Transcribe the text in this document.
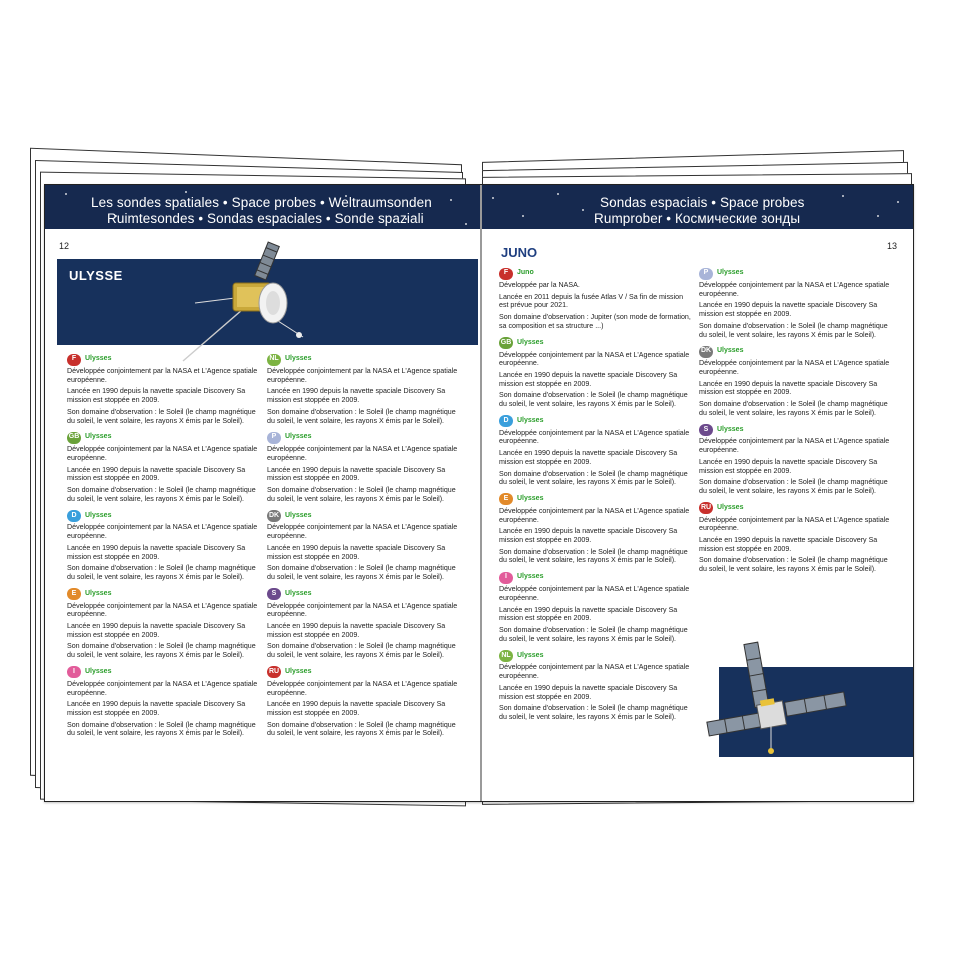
Les sondes spatiales • Space probes • Weltraumsonden
Ruimtesondes • Sondas espaciales • Sonde spaziali
Sondas espaciais • Space probes
Rumprober • Космические зонды
12	13
ULYSSE
F	Ulysses
Développée conjointement par la NASA et L'Agence spatiale européenne.
Lancée en 1990 depuis la navette spaciale Discovery Sa mission est stoppée en 2009.
Son domaine d'observation : le Soleil (le champ magnétique du soleil, le vent solaire, les rayons X émis par le Soleil).
GB Ulysses
Développée conjointement par la NASA et L'Agence spatiale européenne.
Lancée en 1990 depuis la navette spaciale Discovery Sa mission est stoppée en 2009.
Son domaine d'observation : le Soleil (le champ magnétique du soleil, le vent solaire, les rayons X émis par le Soleil).
D	Ulysses
Développée conjointement par la NASA et L'Agence spatiale européenne.
Lancée en 1990 depuis la navette spaciale Discovery Sa mission est stoppée en 2009.
Son domaine d'observation : le Soleil (le champ magnétique du soleil, le vent solaire, les rayons X émis par le Soleil).
E	Ulysses
Développée conjointement par la NASA et L'Agence spatiale européenne.
Lancée en 1990 depuis la navette spaciale Discovery Sa mission est stoppée en 2009.
Son domaine d'observation : le Soleil (le champ magnétique du soleil, le vent solaire, les rayons X émis par le Soleil).
I	Ulysses
Développée conjointement par la NASA et L'Agence spatiale européenne.
Lancée en 1990 depuis la navette spaciale Discovery Sa mission est stoppée en 2009.
Son domaine d'observation : le Soleil (le champ magnétique du soleil, le vent solaire, les rayons X émis par le Soleil).
NL Ulysses
Développée conjointement par la NASA et L'Agence spatiale européenne.
Lancée en 1990 depuis la navette spaciale Discovery Sa mission est stoppée en 2009.
Son domaine d'observation : le Soleil (le champ magnétique du soleil, le vent solaire, les rayons X émis par le Soleil).
P	Ulysses
Développée conjointement par la NASA et L'Agence spatiale européenne.
Lancée en 1990 depuis la navette spaciale Discovery Sa mission est stoppée en 2009.
Son domaine d'observation : le Soleil (le champ magnétique du soleil, le vent solaire, les rayons X émis par le Soleil).
DK Ulysses
Développée conjointement par la NASA et L'Agence spatiale européenne.
Lancée en 1990 depuis la navette spaciale Discovery Sa mission est stoppée en 2009.
Son domaine d'observation : le Soleil (le champ magnétique du soleil, le vent solaire, les rayons X émis par le Soleil).
S	Ulysses
Développée conjointement par la NASA et L'Agence spatiale européenne.
Lancée en 1990 depuis la navette spaciale Discovery Sa mission est stoppée en 2009.
Son domaine d'observation : le Soleil (le champ magnétique du soleil, le vent solaire, les rayons X émis par le Soleil).
RU Ulysses
Développée conjointement par la NASA et L'Agence spatiale européenne.
Lancée en 1990 depuis la navette spaciale Discovery Sa mission est stoppée en 2009.
Son domaine d'observation : le Soleil (le champ magnétique du soleil, le vent solaire, les rayons X émis par le Soleil).
JUNO
F	Juno
Développée par la NASA.
Lancée en 2011 depuis la fusée Atlas V / Sa fin de mission est prévue pour 2021.
Son domaine d'observation : Jupiter (son mode de formation, sa composition et sa structure ...)
GB Ulysses
Développée conjointement par la NASA et L'Agence spatiale européenne.
Lancée en 1990 depuis la navette spaciale Discovery Sa mission est stoppée en 2009.
Son domaine d'observation : le Soleil (le champ magnétique du soleil, le vent solaire, les rayons X émis par le Soleil).
D	Ulysses
Développée conjointement par la NASA et L'Agence spatiale européenne.
Lancée en 1990 depuis la navette spaciale Discovery Sa mission est stoppée en 2009.
Son domaine d'observation : le Soleil (le champ magnétique du soleil, le vent solaire, les rayons X émis par le Soleil).
E	Ulysses
Développée conjointement par la NASA et L'Agence spatiale européenne.
Lancée en 1990 depuis la navette spaciale Discovery Sa mission est stoppée en 2009.
Son domaine d'observation : le Soleil (le champ magnétique du soleil, le vent solaire, les rayons X émis par le Soleil).
I	Ulysses
Développée conjointement par la NASA et L'Agence spatiale européenne.
Lancée en 1990 depuis la navette spaciale Discovery Sa mission est stoppée en 2009.
Son domaine d'observation : le Soleil (le champ magnétique du soleil, le vent solaire, les rayons X émis par le Soleil).
NL Ulysses
Développée conjointement par la NASA et L'Agence spatiale européenne.
Lancée en 1990 depuis la navette spaciale Discovery Sa mission est stoppée en 2009.
Son domaine d'observation : le Soleil (le champ magnétique du soleil, le vent solaire, les rayons X émis par le Soleil).
P	Ulysses
Développée conjointement par la NASA et L'Agence spatiale européenne.
Lancée en 1990 depuis la navette spaciale Discovery Sa mission est stoppée en 2009.
Son domaine d'observation : le Soleil (le champ magnétique du soleil, le vent solaire, les rayons X émis par le Soleil).
DK Ulysses
Développée conjointement par la NASA et L'Agence spatiale européenne.
Lancée en 1990 depuis la navette spaciale Discovery Sa mission est stoppée en 2009.
Son domaine d'observation : le Soleil (le champ magnétique du soleil, le vent solaire, les rayons X émis par le Soleil).
S	Ulysses
Développée conjointement par la NASA et L'Agence spatiale européenne.
Lancée en 1990 depuis la navette spaciale Discovery Sa mission est stoppée en 2009.
Son domaine d'observation : le Soleil (le champ magnétique du soleil, le vent solaire, les rayons X émis par le Soleil).
RU Ulysses
Développée conjointement par la NASA et L'Agence spatiale européenne.
Lancée en 1990 depuis la navette spaciale Discovery Sa mission est stoppée en 2009.
Son domaine d'observation : le Soleil (le champ magnétique du soleil, le vent solaire, les rayons X émis par le Soleil).
